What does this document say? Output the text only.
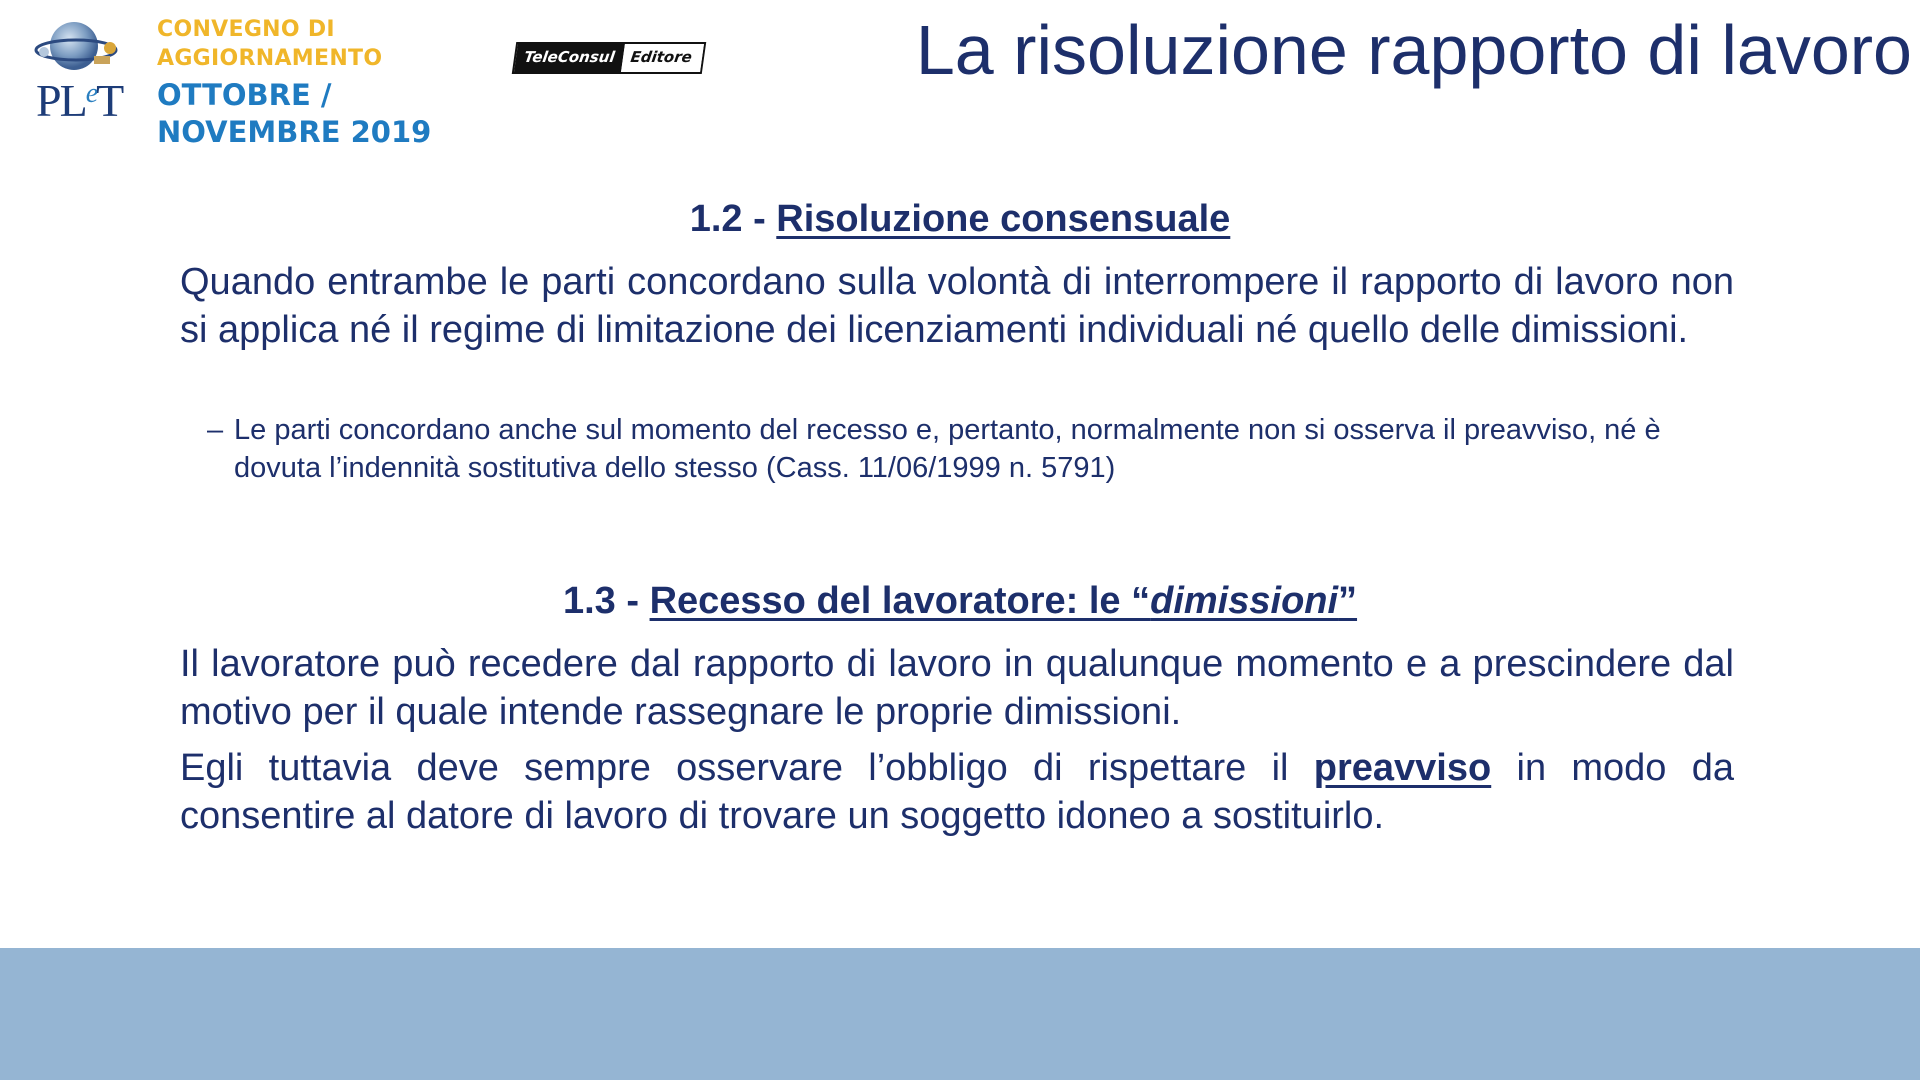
$PL^eT$
CONVEGNO DI
AGGIORNAMENTO
OTTOBRE /
NOVEMBRE 2019
TeleConsul Editore	La risoluzione rapporto di lavoro
1.2 - Risoluzione consensuale

Quando entrambe le parti concordano sulla volontà di interrompere il rapporto di lavoro non si applica né il regime di limitazione dei licenziamenti individuali né quello delle dimissioni.

– Le parti concordano anche sul momento del recesso e, pertanto, normalmente non si osserva il preavviso, né è dovuta l’indennità sostitutiva dello stesso (Cass. 11/06/1999 n. 5791)
1.3 - Recesso del lavoratore: le “dimissioni”

Il lavoratore può recedere dal rapporto di lavoro in qualunque momento e a prescindere dal motivo per il quale intende rassegnare le proprie dimissioni.

Egli tuttavia deve sempre osservare l’obbligo di rispettare il preavviso in modo da consentire al datore di lavoro di trovare un soggetto idoneo a sostituirlo.
